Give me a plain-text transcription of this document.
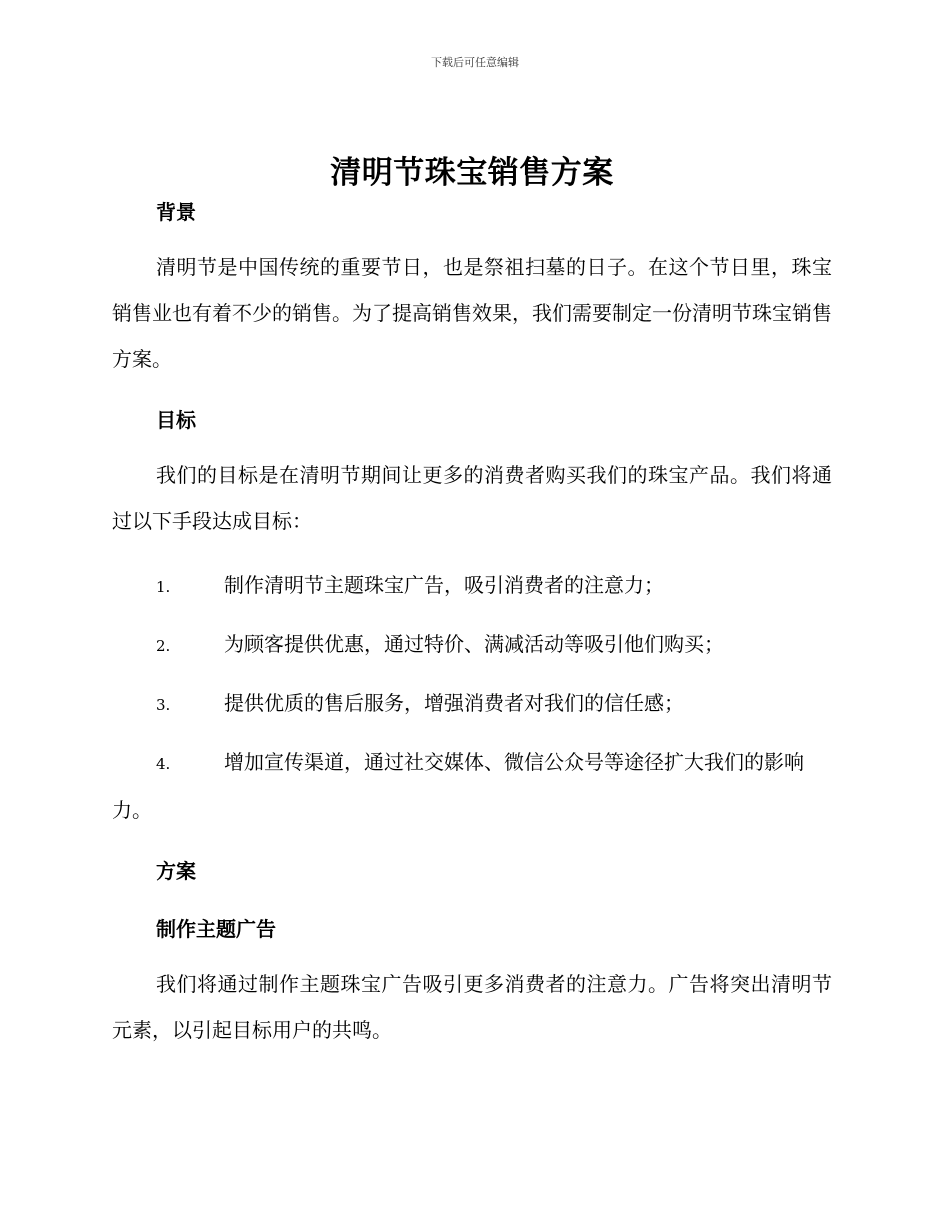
下载后可任意编辑
清明节珠宝销售方案
背景

清明节是中国传统的重要节日，也是祭祖扫墓的日子。在这个节日里，珠宝销售业也有着不少的销售。为了提高销售效果，我们需要制定一份清明节珠宝销售方案。

目标

我们的目标是在清明节期间让更多的消费者购买我们的珠宝产品。我们将通过以下手段达成目标：

1.	制作清明节主题珠宝广告，吸引消费者的注意力；
2.	为顾客提供优惠，通过特价、满减活动等吸引他们购买；
3.	提供优质的售后服务，增强消费者对我们的信任感；
4.	增加宣传渠道，通过社交媒体、微信公众号等途径扩大我们的影响力。
方案
制作主题广告

我们将通过制作主题珠宝广告吸引更多消费者的注意力。广告将突出清明节元素，以引起目标用户的共鸣。
